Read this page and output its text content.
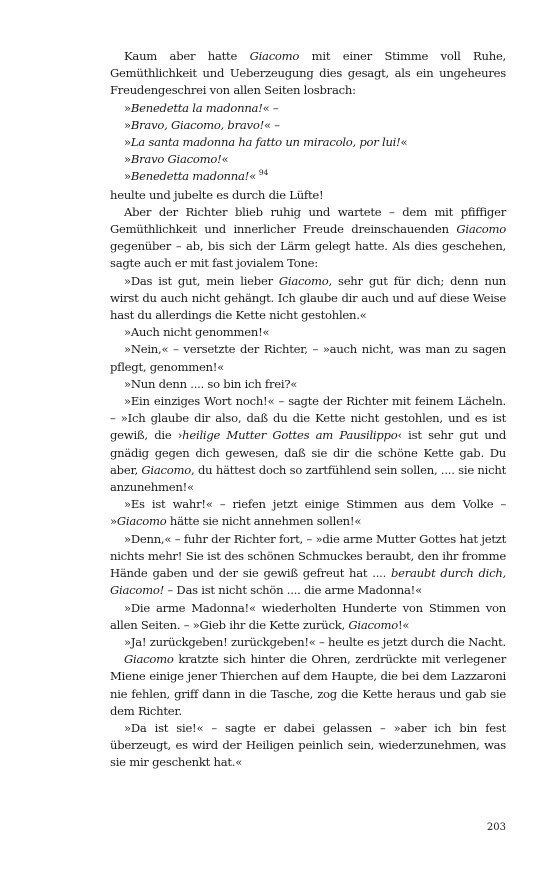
Kaum aber hatte Giacomo mit einer Stimme voll Ruhe, Gemüthlichkeit und Ueberzeugung dies gesagt, als ein ungeheures Freudengeschrei von allen Seiten losbrach:

»Benedetta la madonna!« –

»Bravo, Giacomo, bravo!« –

»La santa madonna ha fatto un miracolo, por lui!«

»Bravo Giacomo!«

»Benedetta madonna!« $^{94}$

heulte und jubelte es durch die Lüfte!

Aber der Richter blieb ruhig und wartete – dem mit pfiffiger Gemüthlichkeit und innerlicher Freude dreinschauenden Giacomo gegenüber – ab, bis sich der Lärm gelegt hatte. Als dies geschehen, sagte auch er mit fast jovialem Tone:

»Das ist gut, mein lieber Giacomo, sehr gut für dich; denn nun wirst du auch nicht gehängt. Ich glaube dir auch und auf diese Weise hast du allerdings die Kette nicht gestohlen.«

»Auch nicht genommen!«

»Nein,« – versetzte der Richter, – »auch nicht, was man zu sagen pflegt, genommen!«

»Nun denn .... so bin ich frei?«

»Ein einziges Wort noch!« – sagte der Richter mit feinem Lächeln. – »Ich glaube dir also, daß du die Kette nicht gestohlen, und es ist gewiß, die ›heilige Mutter Gottes am Pausilippo‹ ist sehr gut und gnädig gegen dich gewesen, daß sie dir die schöne Kette gab. Du aber, Giacomo, du hättest doch so zartfühlend sein sollen, .... sie nicht anzunehmen!«

»Es ist wahr!« – riefen jetzt einige Stimmen aus dem Volke – »Giacomo hätte sie nicht annehmen sollen!«

»Denn,« – fuhr der Richter fort, – »die arme Mutter Gottes hat jetzt nichts mehr! Sie ist des schönen Schmuckes beraubt, den ihr fromme Hände gaben und der sie gewiß gefreut hat .... beraubt durch dich, Giacomo! – Das ist nicht schön .... die arme Madonna!«

»Die arme Madonna!« wiederholten Hunderte von Stimmen von allen Seiten. – »Gieb ihr die Kette zurück, Giacomo!«

»Ja! zurückgeben! zurückgeben!« – heulte es jetzt durch die Nacht.

Giacomo kratzte sich hinter die Ohren, zerdrückte mit verlegener Miene einige jener Thierchen auf dem Haupte, die bei dem Lazzaroni nie fehlen, griff dann in die Tasche, zog die Kette heraus und gab sie dem Richter.

»Da ist sie!« – sagte er dabei gelassen – »aber ich bin fest überzeugt, es wird der Heiligen peinlich sein, wiederzunehmen, was sie mir geschenkt hat.«

203
